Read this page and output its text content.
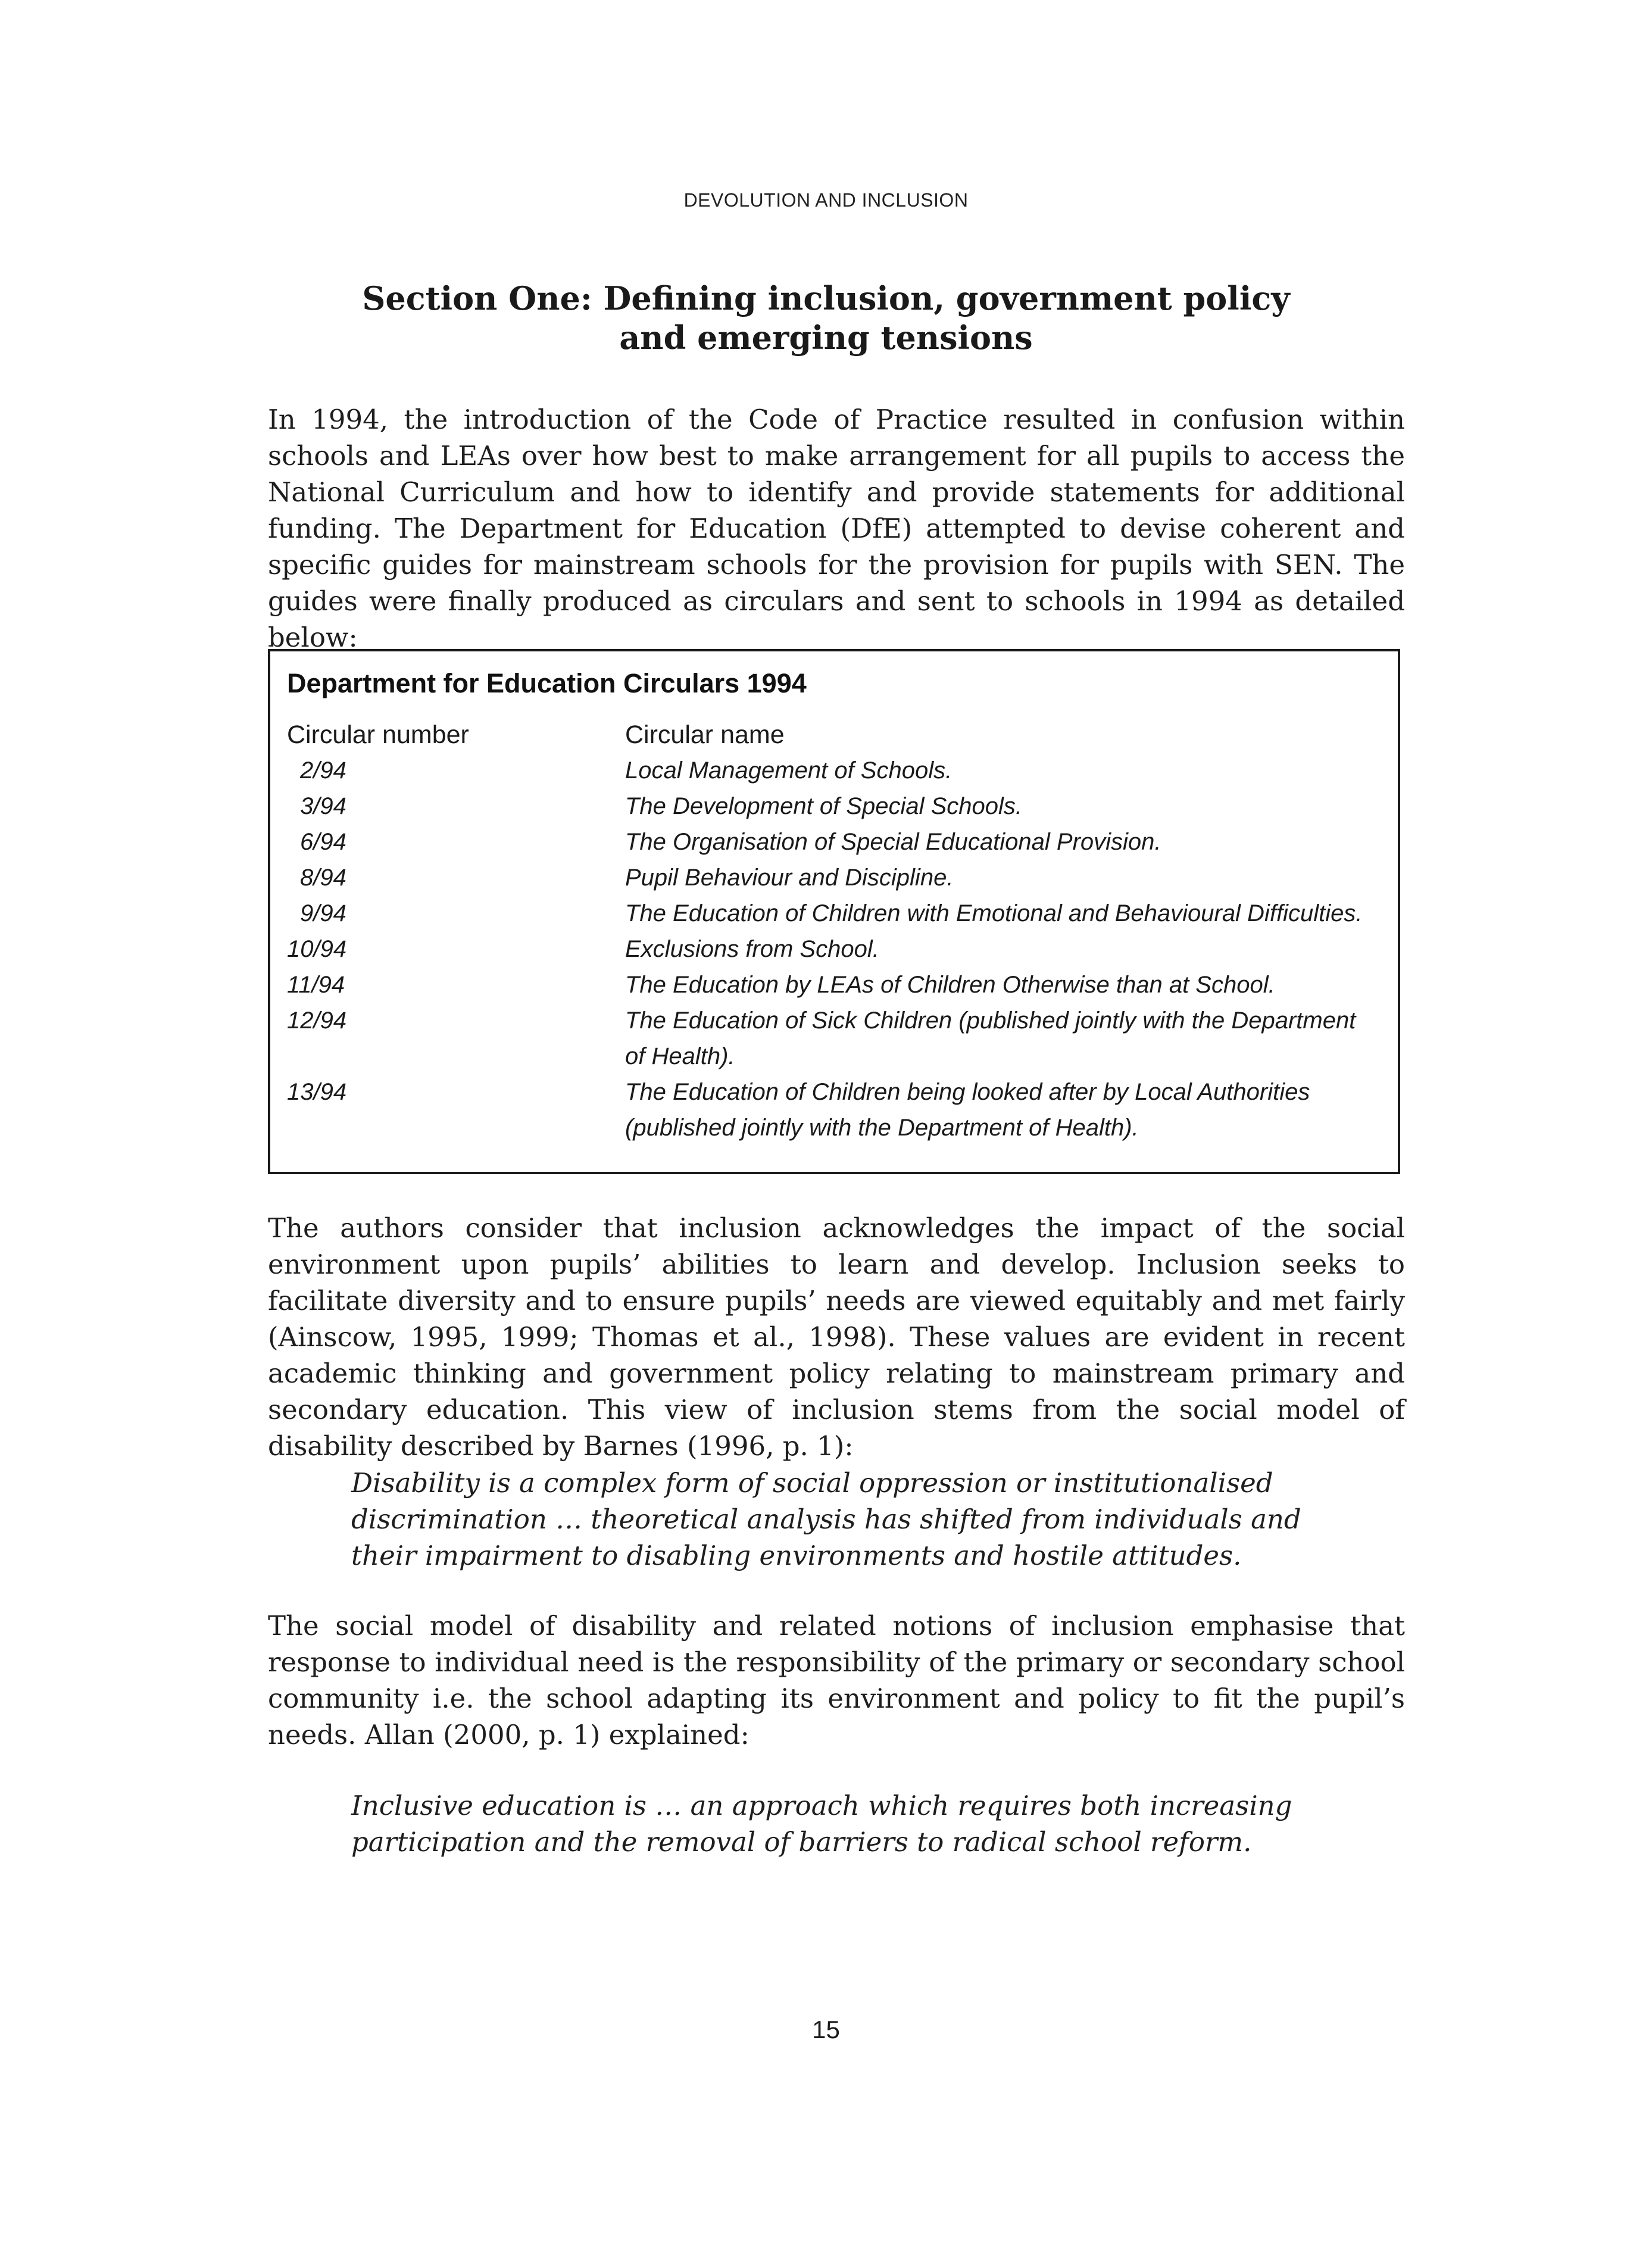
DEVOLUTION AND INCLUSION
Section One: Defining inclusion, government policy
and emerging tensions
In 1994, the introduction of the Code of Practice resulted in confusion within schools and LEAs over how best to make arrangement for all pupils to access the National Curriculum and how to identify and provide statements for additional funding. The Department for Education (DfE) attempted to devise coherent and specific guides for mainstream schools for the provision for pupils with SEN. The guides were finally produced as circulars and sent to schools in 1994 as detailed below:
Department for Education Circulars 1994
Circular number	Circular name
2/94	Local Management of Schools.
3/94	The Development of Special Schools.
6/94	The Organisation of Special Educational Provision.
8/94	Pupil Behaviour and Discipline.
9/94	The Education of Children with Emotional and Behavioural Difficulties.
10/94	Exclusions from School.
11/94	The Education by LEAs of Children Otherwise than at School.
12/94	The Education of Sick Children (published jointly with the Department of Health).
13/94	The Education of Children being looked after by Local Authorities (published jointly with the Department of Health).
The authors consider that inclusion acknowledges the impact of the social environment upon pupils’ abilities to learn and develop. Inclusion seeks to facilitate diversity and to ensure pupils’ needs are viewed equitably and met fairly (Ainscow, 1995, 1999; Thomas et al., 1998). These values are evident in recent academic thinking and government policy relating to mainstream primary and secondary education. This view of inclusion stems from the social model of disability described by Barnes (1996, p. 1):
Disability is a complex form of social oppression or institutionalised discrimination … theoretical analysis has shifted from individuals and their impairment to disabling environments and hostile attitudes.
The social model of disability and related notions of inclusion emphasise that response to individual need is the responsibility of the primary or secondary school community i.e. the school adapting its environment and policy to fit the pupil’s needs. Allan (2000, p. 1) explained:
Inclusive education is … an approach which requires both increasing participation and the removal of barriers to radical school reform.
15
